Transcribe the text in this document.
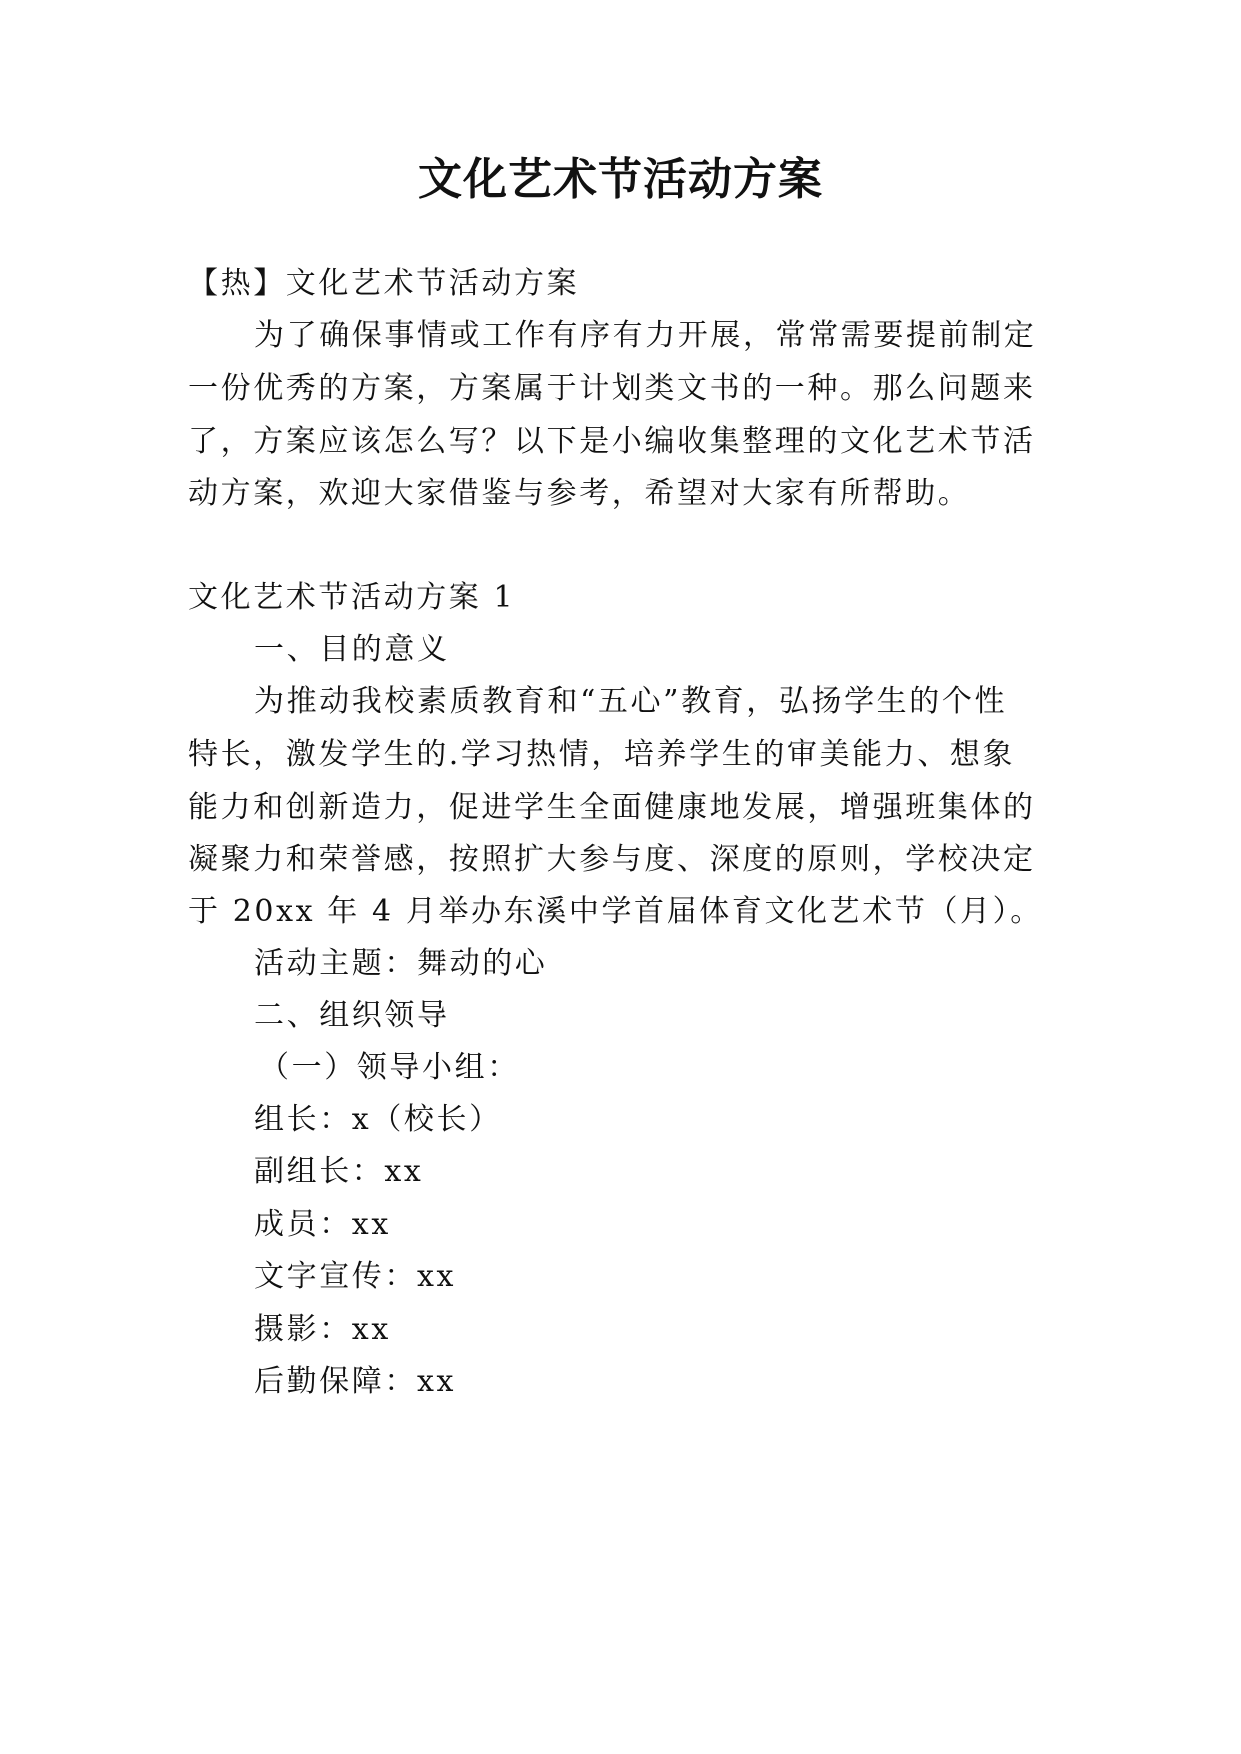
文化艺术节活动方案
【热】文化艺术节活动方案
为了确保事情或工作有序有力开展，常常需要提前制定
一份优秀的方案，方案属于计划类文书的一种。那么问题来
了，方案应该怎么写？以下是小编收集整理的文化艺术节活
动方案，欢迎大家借鉴与参考，希望对大家有所帮助。
文化艺术节活动方案 1
一、目的意义
为推动我校素质教育和“五心”教育，弘扬学生的个性
特长，激发学生的.学习热情，培养学生的审美能力、想象
能力和创新造力，促进学生全面健康地发展，增强班集体的
凝聚力和荣誉感，按照扩大参与度、深度的原则，学校决定
于 20xx 年 4 月举办东溪中学首届体育文化艺术节（月）。
活动主题：舞动的心
二、组织领导
（一）领导小组：
组长：x（校长）
副组长：xx
成员：xx
文字宣传：xx
摄影：xx
后勤保障：xx
